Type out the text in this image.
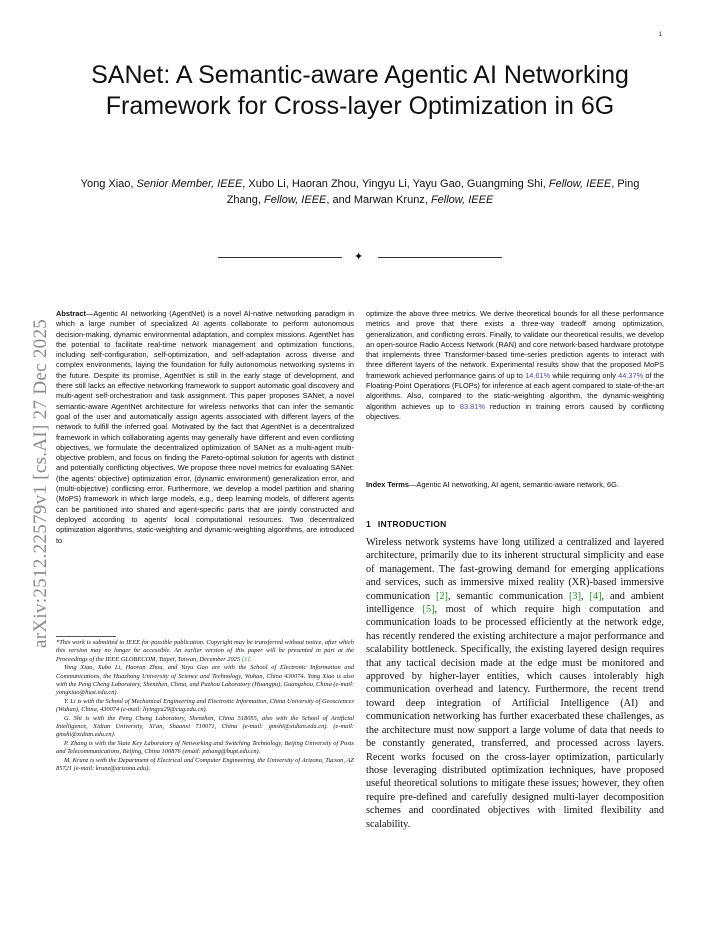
1
arXiv:2512.22579v1 [cs.AI] 27 Dec 2025
SANet: A Semantic-aware Agentic AI Networking Framework for Cross-layer Optimization in 6G
Yong Xiao, Senior Member, IEEE, Xubo Li, Haoran Zhou, Yingyu Li, Yayu Gao, Guangming Shi, Fellow, IEEE, Ping Zhang, Fellow, IEEE, and Marwan Krunz, Fellow, IEEE
✦

Abstract—Agentic AI networking (AgentNet) is a novel AI-native networking paradigm in which a large number of specialized AI agents collaborate to perform autonomous decision-making, dynamic environmental adaptation, and complex missions. AgentNet has the potential to facilitate real-time network management and optimization functions, including self-configuration, self-optimization, and self-adaptation across diverse and complex environments, laying the foundation for fully autonomous networking systems in the future. Despite its promise, AgentNet is still in the early stage of development, and there still lacks an effective networking framework to support automatic goal discovery and multi-agent self-orchestration and task assignment. This paper proposes SANet, a novel semantic-aware AgentNet architecture for wireless networks that can infer the semantic goal of the user and automatically assign agents associated with different layers of the network to fulfill the inferred goal. Motivated by the fact that AgentNet is a decentralized framework in which collaborating agents may generally have different and even conflicting objectives, we formulate the decentralized optimization of SANet as a multi-agent multi-objective problem, and focus on finding the Pareto-optimal solution for agents with distinct and potentially conflicting objectives. We propose three novel metrics for evaluating SANet: (the agents' objective) optimization error, (dynamic environment) generalization error, and (multi-objective) conflicting error. Furthermore, we develop a model partition and sharing (MoPS) framework in which large models, e.g., deep learning models, of different agents can be partitioned into shared and agent-specific parts that are jointly constructed and deployed according to agents' local computational resources. Two decentralized optimization algorithms, static-weighting and dynamic-weighting algorithms, are introduced to

optimize the above three metrics. We derive theoretical bounds for all these performance metrics and prove that there exists a three-way tradeoff among optimization, generalization, and conflicting errors. Finally, to validate our theoretical results, we develop an open-source Radio Access Network (RAN) and core network-based hardware prototype that implements three Transformer-based time-series prediction agents to interact with three different layers of the network. Experimental results show that the proposed MoPS framework achieved performance gains of up to 14.61% while requiring only 44.37% of the Floating-Point Operations (FLOPs) for inference at each agent compared to state-of-the-art algorithms. Also, compared to the static-weighting algorithm, the dynamic-weighting algorithm achieves up to 83.81% reduction in training errors caused by conflicting objectives.

Index Terms—Agentic AI networking, AI agent, semantic-aware network, 6G.

1 INTRODUCTION

Wireless network systems have long utilized a centralized and layered architecture, primarily due to its inherent structural simplicity and ease of management. The fast-growing demand for emerging applications and services, such as immersive mixed reality (XR)-based immersive communication [2], semantic communication [3], [4], and ambient intelligence [5], most of which require high computation and communication loads to be processed efficiently at the network edge, has recently rendered the existing architecture a major performance and scalability bottleneck. Specifically, the existing layered design requires that any tactical decision made at the edge must be monitored and approved by higher-layer entities, which causes intolerably high communication overhead and latency. Furthermore, the recent trend toward deep integration of Artificial Intelligence (AI) and communication networking has further exacerbated these challenges, as the architecture must now support a large volume of data that needs to be constantly generated, transferred, and processed across layers. Recent works focused on the cross-layer optimization, particularly those leveraging distributed optimization techniques, have proposed useful theoretical solutions to mitigate these issues; however, they often require pre-defined and carefully designed multi-layer decomposition schemes and coordinated objectives with limited flexibility and scalability.

*This work is submitted to IEEE for possible publication. Copyright may be transferred without notice, after which this version may no longer be accessible. An earlier version of this paper will be presented in part at the Proceedings of the IEEE GLOBECOM, Taipei, Taiwan, December 2025 [1].

Yong Xiao, Xubo Li, Haoran Zhou, and Yayu Gao are with the School of Electronic Information and Communications, the Huazhong University of Science and Technology, Wuhan, China 430074. Yong Xiao is also with the Peng Cheng Laboratory, Shenzhen, China, and Pazhou Laboratory (Huangpu), Guangzhou, China (e-mail: yongxiao@hust.edu.cn).

Y. Li is with the School of Mechanical Engineering and Electronic Information, China University of Geosciences (Wuhan), China, 430074 (e-mail: liyingyu29@cug.edu.cn).

G. Shi is with the Peng Cheng Laboratory, Shenzhen, China 518055, also with the School of Artificial Intelligence, Xidian University, Xi'an, Shaanxi 710071, China (e-mail: gmshi@xidian.edu.cn). (e-mail: gmshi@xidian.edu.cn).

P. Zhang is with the State Key Laboratory of Networking and Switching Technology, Beijing University of Posts and Telecommunications, Beijing, China 100876 (email: pzhang@bupt.edu.cn).

M. Krunz is with the Department of Electrical and Computer Engineering, the University of Arizona, Tucson, AZ 85721 (e-mail: krunz@arizona.edu).
